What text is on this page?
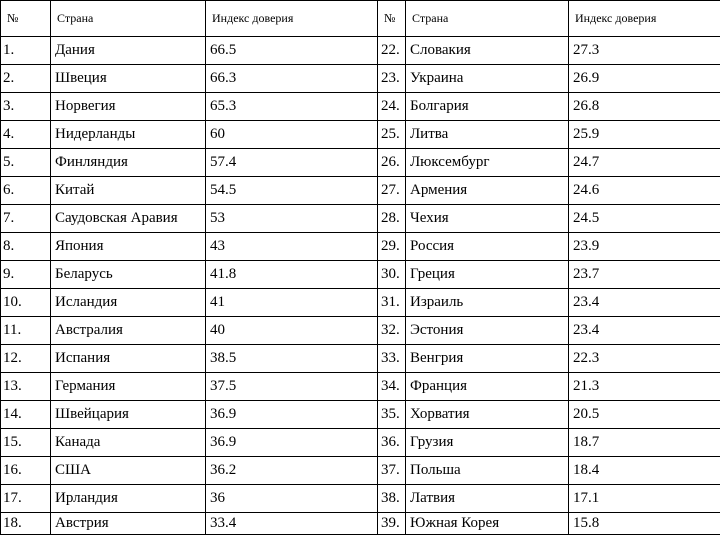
№	Страна	Индекс доверия	№	Страна	Индекс доверия
1.	Дания	66.5	22.	Словакия	27.3
2.	Швеция	66.3	23.	Украина	26.9
3.	Норвегия	65.3	24.	Болгария	26.8
4.	Нидерланды	60	25.	Литва	25.9
5.	Финляндия	57.4	26.	Люксембург	24.7
6.	Китай	54.5	27.	Армения	24.6
7.	Саудовская Аравия	53	28.	Чехия	24.5
8.	Япония	43	29.	Россия	23.9
9.	Беларусь	41.8	30.	Греция	23.7
10.	Исландия	41	31.	Израиль	23.4
11.	Австралия	40	32.	Эстония	23.4
12.	Испания	38.5	33.	Венгрия	22.3
13.	Германия	37.5	34.	Франция	21.3
14.	Швейцария	36.9	35.	Хорватия	20.5
15.	Канада	36.9	36.	Грузия	18.7
16.	США	36.2	37.	Польша	18.4
17.	Ирландия	36	38.	Латвия	17.1
18.	Австрия	33.4	39.	Южная Корея	15.8
